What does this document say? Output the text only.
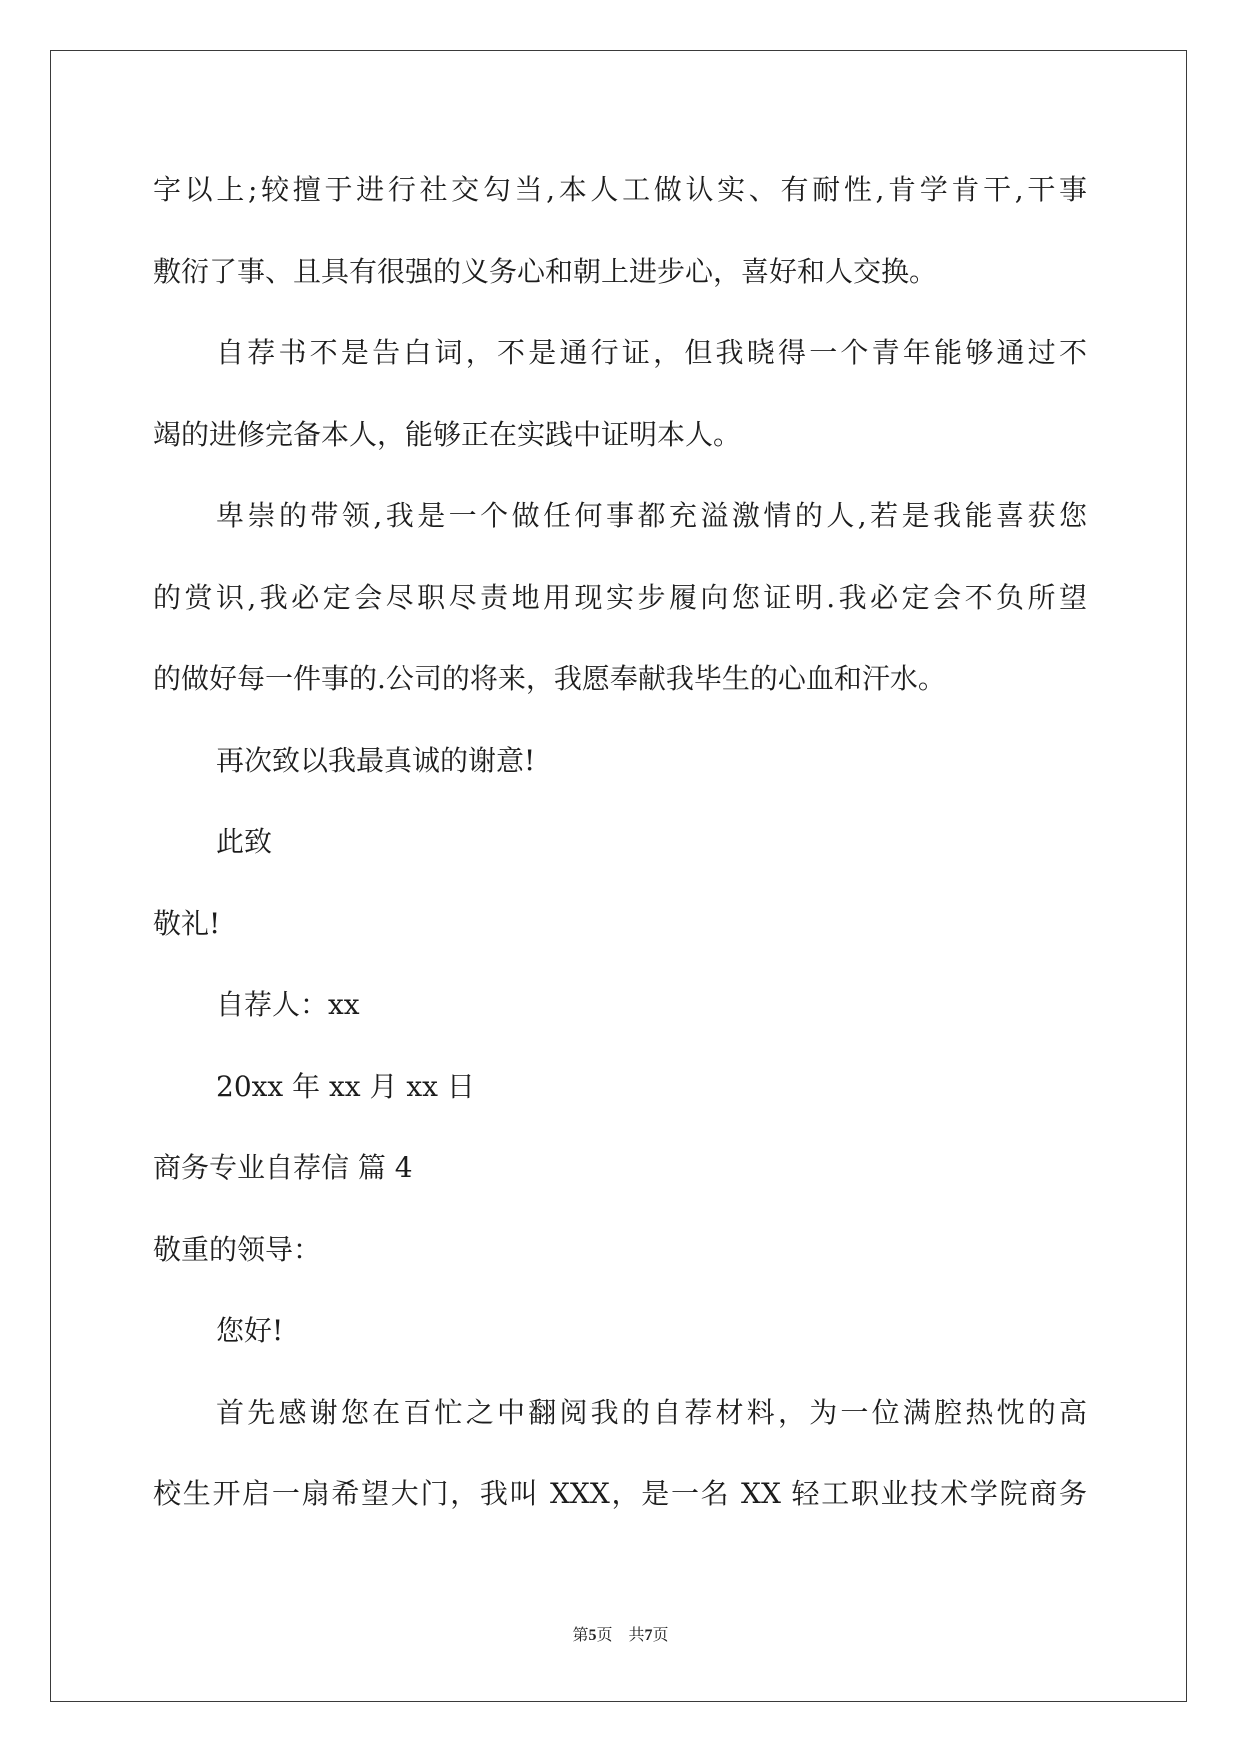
字以上;较擅于进行社交勾当,本人工做认实、有耐性,肯学肯干,干事
敷衍了事、且具有很强的义务心和朝上进步心，喜好和人交换。
自荐书不是告白词，不是通行证，但我晓得一个青年能够通过不
竭的进修完备本人，能够正在实践中证明本人。
卑崇的带领,我是一个做任何事都充溢激情的人,若是我能喜获您
的赏识,我必定会尽职尽责地用现实步履向您证明.我必定会不负所望
的做好每一件事的.公司的将来，我愿奉献我毕生的心血和汗水。
再次致以我最真诚的谢意!
此致
敬礼!
自荐人：xx
20xx 年 xx 月 xx 日
商务专业自荐信 篇 4
敬重的领导：
您好!
首先感谢您在百忙之中翻阅我的自荐材料，为一位满腔热忱的高
校生开启一扇希望大门，我叫 XXX，是一名 XX 轻工职业技术学院商务
第5页 共7页
